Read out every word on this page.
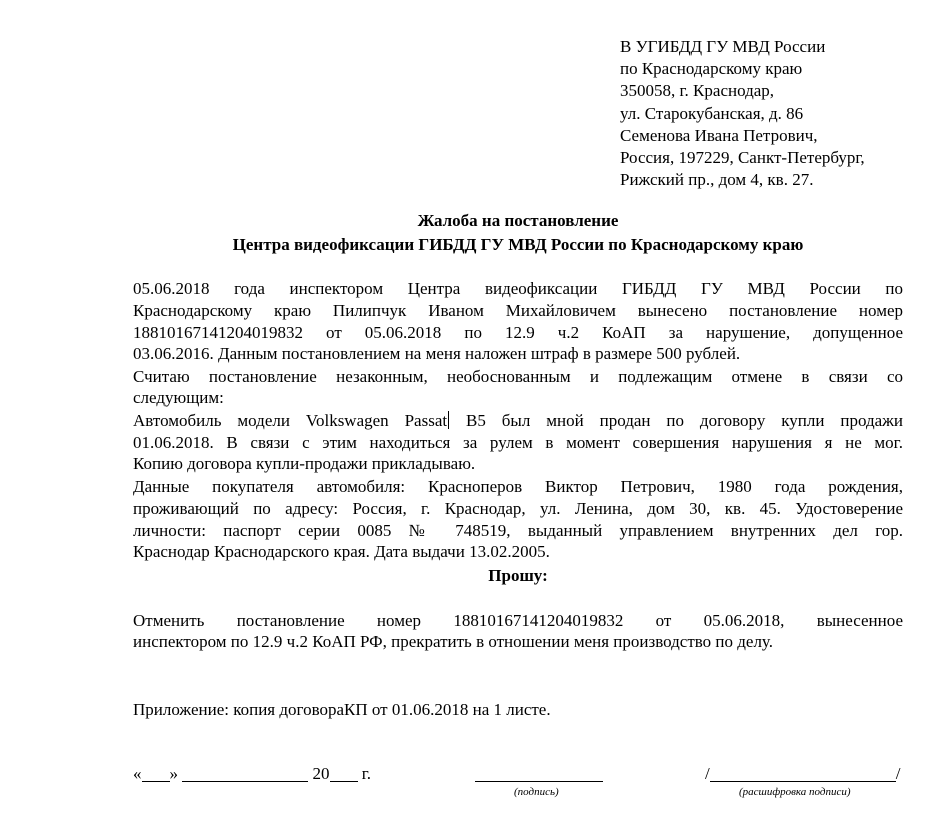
В УГИБДД ГУ МВД России
по Краснодарскому краю
350058, г. Краснодар,
ул. Старокубанская, д. 86
Семенова Ивана Петрович,
Россия, 197229, Санкт-Петербург,
Рижский пр., дом 4, кв. 27.
Жалоба на постановление
Центра видеофиксации ГИБДД ГУ МВД России по Краснодарскому краю
05.06.2018 года инспектором Центра видеофиксации ГИБДД ГУ МВД России по
Краснодарскому краю Пилипчук Иваном Михайловичем вынесено постановление номер
18810167141204019832 от 05.06.2018 по 12.9 ч.2 КоАП за нарушение, допущенное
03.06.2016. Данным постановлением на меня наложен штраф в размере 500 рублей.
Считаю постановление незаконным, необоснованным и подлежащим отмене в связи со
следующим:
Автомобиль модели Volkswagen Passat B5 был мной продан по договору купли продажи
01.06.2018. В связи с этим находиться за рулем в момент совершения нарушения я не мог.
Копию договора купли-продажи прикладываю.
Данные покупателя автомобиля: Красноперов Виктор Петрович, 1980 года рождения,
проживающий по адресу: Россия, г. Краснодар, ул. Ленина, дом 30, кв. 45. Удостоверение
личности: паспорт серии 0085 № 748519, выданный управлением внутренних дел гор.
Краснодар Краснодарского края. Дата выдачи 13.02.2005.
Прошу:
Отменить постановление номер 18810167141204019832 от 05.06.2018, вынесенное
инспектором по 12.9 ч.2 КоАП РФ, прекратить в отношении меня производство по делу.
Приложение: копия договораКП от 01.06.2018 на 1 листе.
« »	20 г.	/	/
(подпись)	(расшифровка подписи)
